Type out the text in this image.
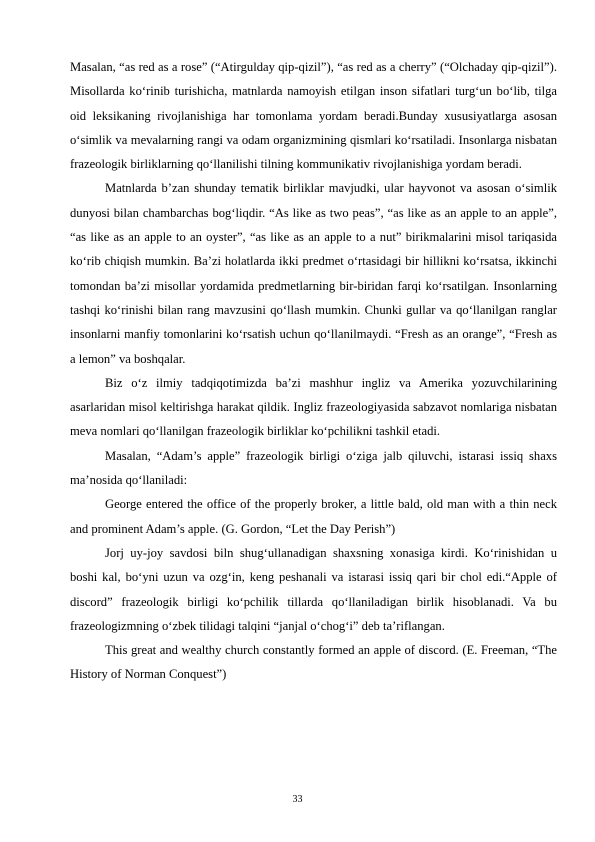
Masalan, “as red as a rose” (“Atirgulday qip-qizil”), “as red as a cherry” (“Olchaday qip-qizil”). Misollarda ko‘rinib turishicha, matnlarda namoyish etilgan inson sifatlari turg‘un bo‘lib, tilga oid leksikaning rivojlanishiga har tomonlama yordam beradi.Bunday xususiyatlarga asosan o‘simlik va mevalarning rangi va odam organizmining qismlari ko‘rsatiladi. Insonlarga nisbatan frazeologik birliklarning qo‘llanilishi tilning kommunikativ rivojlanishiga yordam beradi.

Matnlarda b’zan shunday tematik birliklar mavjudki, ular hayvonot va asosan o‘simlik dunyosi bilan chambarchas bog‘liqdir. “As like as two peas”, “as like as an apple to an apple”, “as like as an apple to an oyster”, “as like as an apple to a nut” birikmalarini misol tariqasida ko‘rib chiqish mumkin. Ba’zi holatlarda ikki predmet o‘rtasidagi bir hillikni ko‘rsatsa, ikkinchi tomondan ba’zi misollar yordamida predmetlarning bir-biridan farqi ko‘rsatilgan. Insonlarning tashqi ko‘rinishi bilan rang mavzusini qo‘llash mumkin. Chunki gullar va qo‘llanilgan ranglar insonlarni manfiy tomonlarini ko‘rsatish uchun qo‘llanilmaydi. “Fresh as an orange”, “Fresh as a lemon” va boshqalar.

Biz o‘z ilmiy tadqiqotimizda ba’zi mashhur ingliz va Amerika yozuvchilarining asarlaridan misol keltirishga harakat qildik. Ingliz frazeologiyasida sabzavot nomlariga nisbatan meva nomlari qo‘llanilgan frazeologik birliklar ko‘pchilikni tashkil etadi.

Masalan, “Adam’s apple” frazeologik birligi o‘ziga jalb qiluvchi, istarasi issiq shaxs ma’nosida qo‘llaniladi:

George entered the office of the properly broker, a little bald, old man with a thin neck and prominent Adam’s apple. (G. Gordon, “Let the Day Perish”)

Jorj uy-joy savdosi biln shug‘ullanadigan shaxsning xonasiga kirdi. Ko‘rinishidan u boshi kal, bo‘yni uzun va ozg‘in, keng peshanali va istarasi issiq qari bir chol edi.“Apple of discord” frazeologik birligi ko‘pchilik tillarda qo‘llaniladigan birlik hisoblanadi. Va bu frazeologizmning o‘zbek tilidagi talqini “janjal o‘chog‘i” deb ta’riflangan.

This great and wealthy church constantly formed an apple of discord. (E. Freeman, “The History of Norman Conquest”)

33
